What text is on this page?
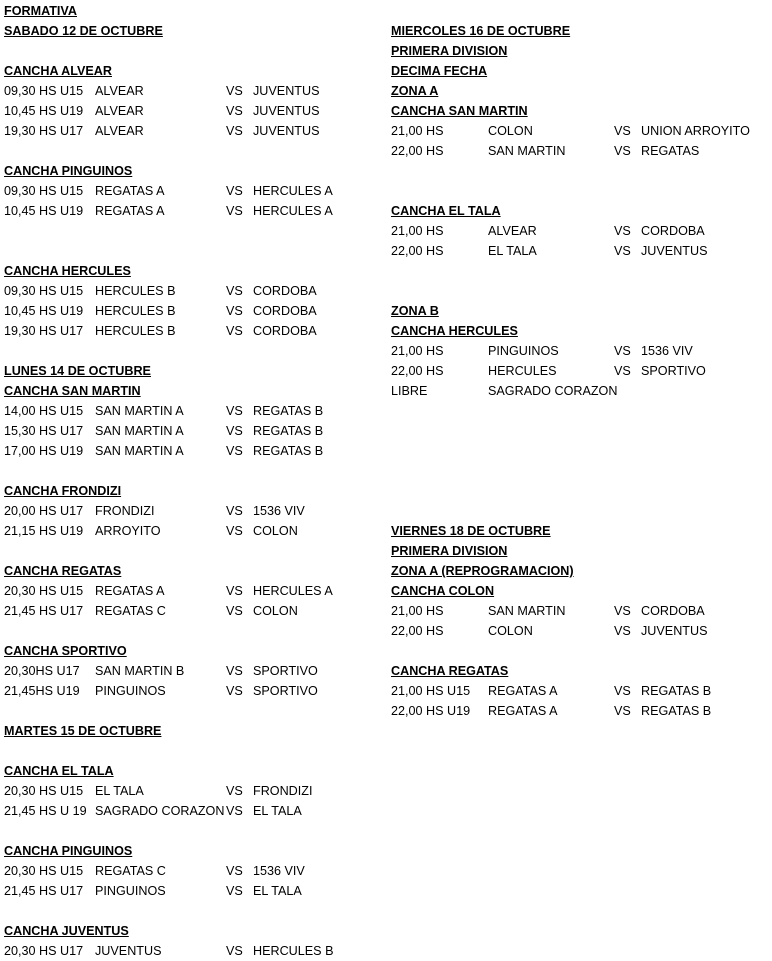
FORMATIVA
SABADO 12 DE OCTUBRE
CANCHA ALVEAR
09,30 HS U15 ALVEAR	VS JUVENTUS
10,45 HS U19 ALVEAR	VS JUVENTUS
19,30 HS U17 ALVEAR	VS JUVENTUS
CANCHA PINGUINOS
09,30 HS U15 REGATAS A	VS HERCULES A
10,45 HS U19 REGATAS A	VS HERCULES A
CANCHA HERCULES
09,30 HS U15 HERCULES B	VS CORDOBA
10,45 HS U19 HERCULES B	VS CORDOBA
19,30 HS U17 HERCULES B	VS CORDOBA
LUNES 14 DE OCTUBRE
CANCHA SAN MARTIN
14,00 HS U15 SAN MARTIN A	VS REGATAS B
15,30 HS U17 SAN MARTIN A	VS REGATAS B
17,00 HS U19 SAN MARTIN A	VS REGATAS B
CANCHA FRONDIZI
20,00 HS U17 FRONDIZI	VS 1536 VIV
21,15 HS U19 ARROYITO	VS COLON
CANCHA REGATAS
20,30 HS U15 REGATAS A	VS HERCULES A
21,45 HS U17 REGATAS C	VS COLON
CANCHA SPORTIVO
20,30HS U17 SAN MARTIN B	VS SPORTIVO
21,45HS U19 PINGUINOS	VS SPORTIVO
MARTES 15 DE OCTUBRE
CANCHA EL TALA
20,30 HS U15 EL TALA	VS FRONDIZI
21,45 HS U 19 SAGRADO CORAZON VS EL TALA
CANCHA PINGUINOS
20,30 HS U15 REGATAS C	VS 1536 VIV
21,45 HS U17 PINGUINOS	VS EL TALA
CANCHA JUVENTUS
20,30 HS U17 JUVENTUS	VS HERCULES B
MIERCOLES 16 DE OCTUBRE
PRIMERA DIVISION
DECIMA FECHA
ZONA A
CANCHA SAN MARTIN
21,00 HS	COLON	VS UNION ARROYITO
22,00 HS	SAN MARTIN	VS REGATAS
CANCHA EL TALA
21,00 HS	ALVEAR	VS CORDOBA
22,00 HS	EL TALA	VS JUVENTUS
ZONA B
CANCHA HERCULES
21,00 HS	PINGUINOS	VS 1536 VIV
22,00 HS	HERCULES	VS SPORTIVO
LIBRE	SAGRADO CORAZON
VIERNES 18 DE OCTUBRE
PRIMERA DIVISION
ZONA A (REPROGRAMACION)
CANCHA COLON
21,00 HS	SAN MARTIN	VS CORDOBA
22,00 HS	COLON	VS JUVENTUS
CANCHA REGATAS
21,00 HS U15 REGATAS A	VS REGATAS B
22,00 HS U19 REGATAS A	VS REGATAS B
